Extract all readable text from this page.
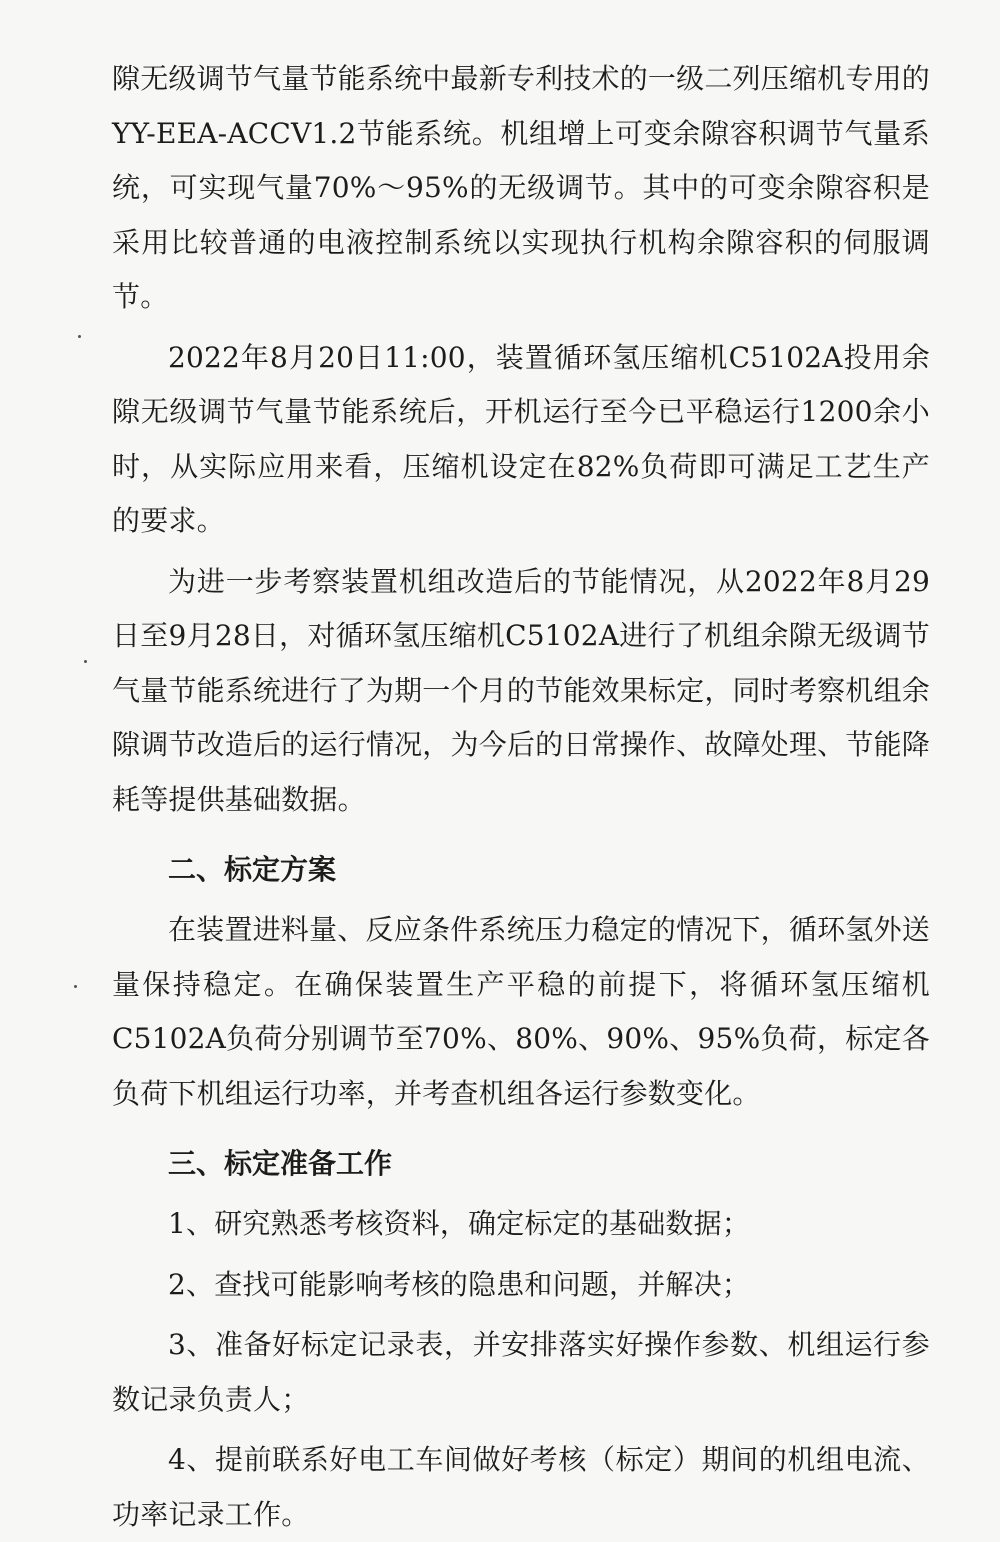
隙无级调节气量节能系统中最新专利技术的一级二列压缩机专用的YY-EEA-ACCV1.2节能系统。机组增上可变余隙容积调节气量系统，可实现气量70%～95%的无级调节。其中的可变余隙容积是采用比较普通的电液控制系统以实现执行机构余隙容积的伺服调节。

2022年8月20日11:00，装置循环氢压缩机C5102A投用余隙无级调节气量节能系统后，开机运行至今已平稳运行1200余小时，从实际应用来看，压缩机设定在82%负荷即可满足工艺生产的要求。

为进一步考察装置机组改造后的节能情况，从2022年8月29日至9月28日，对循环氢压缩机C5102A进行了机组余隙无级调节气量节能系统进行了为期一个月的节能效果标定，同时考察机组余隙调节改造后的运行情况，为今后的日常操作、故障处理、节能降耗等提供基础数据。

二、标定方案

在装置进料量、反应条件系统压力稳定的情况下，循环氢外送量保持稳定。在确保装置生产平稳的前提下，将循环氢压缩机C5102A负荷分别调节至70%、80%、90%、95%负荷，标定各负荷下机组运行功率，并考查机组各运行参数变化。

三、标定准备工作

1、研究熟悉考核资料，确定标定的基础数据；

2、查找可能影响考核的隐患和问题，并解决；

3、准备好标定记录表，并安排落实好操作参数、机组运行参数记录负责人；

4、提前联系好电工车间做好考核（标定）期间的机组电流、功率记录工作。
